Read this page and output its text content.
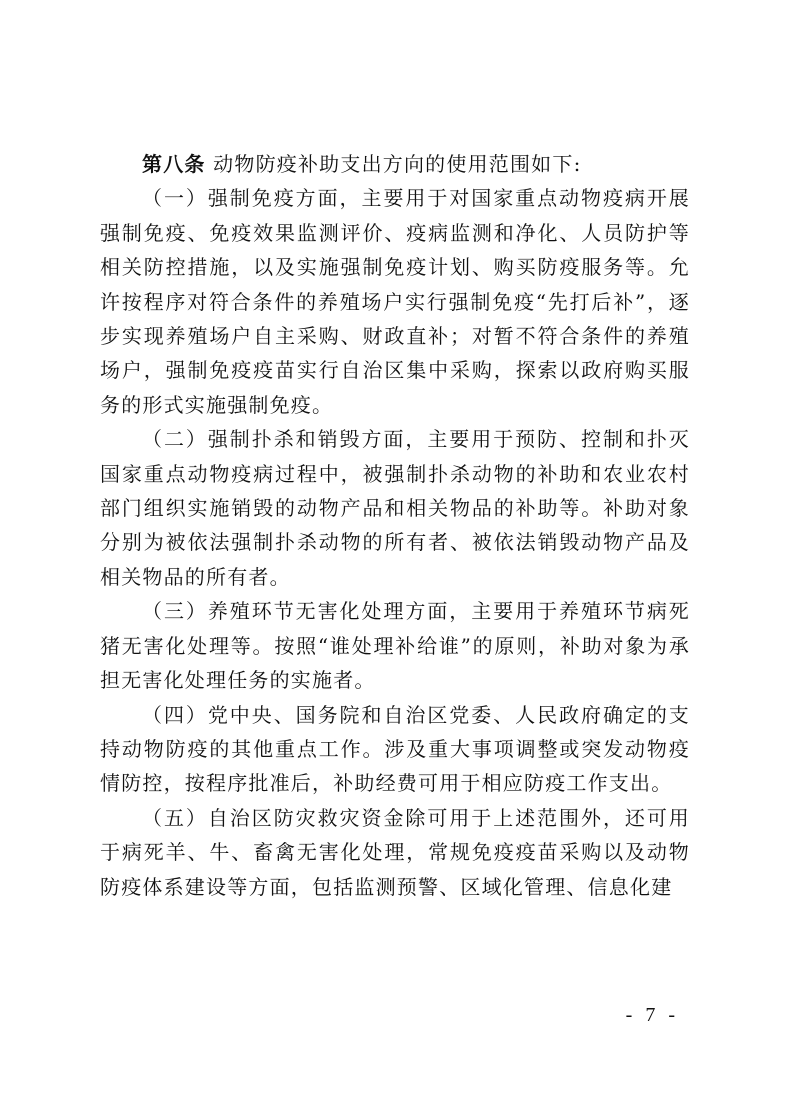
第八条 动物防疫补助支出方向的使用范围如下:

（一）强制免疫方面，主要用于对国家重点动物疫病开展强制免疫、免疫效果监测评价、疫病监测和净化、人员防护等相关防控措施，以及实施强制免疫计划、购买防疫服务等。允许按程序对符合条件的养殖场户实行强制免疫“先打后补”，逐步实现养殖场户自主采购、财政直补；对暂不符合条件的养殖场户，强制免疫疫苗实行自治区集中采购，探索以政府购买服务的形式实施强制免疫。

（二）强制扑杀和销毁方面，主要用于预防、控制和扑灭国家重点动物疫病过程中，被强制扑杀动物的补助和农业农村部门组织实施销毁的动物产品和相关物品的补助等。补助对象分别为被依法强制扑杀动物的所有者、被依法销毁动物产品及相关物品的所有者。

（三）养殖环节无害化处理方面，主要用于养殖环节病死猪无害化处理等。按照“谁处理补给谁”的原则，补助对象为承担无害化处理任务的实施者。

（四）党中央、国务院和自治区党委、人民政府确定的支持动物防疫的其他重点工作。涉及重大事项调整或突发动物疫情防控，按程序批准后，补助经费可用于相应防疫工作支出。

（五）自治区防灾救灾资金除可用于上述范围外，还可用于病死羊、牛、畜禽无害化处理，常规免疫疫苗采购以及动物防疫体系建设等方面，包括监测预警、区域化管理、信息化建

- 7 -
